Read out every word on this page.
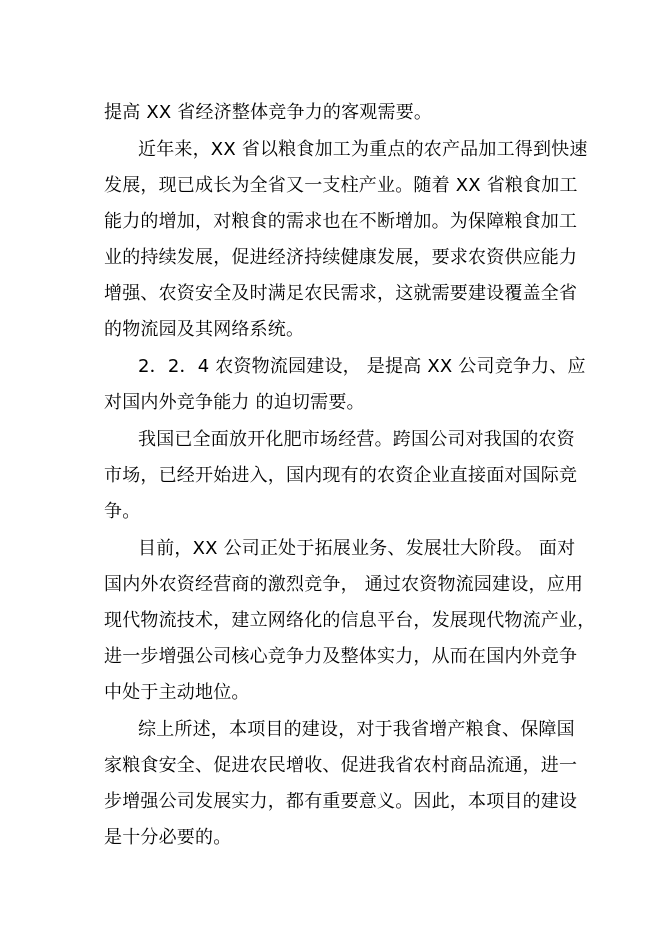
提高 XX 省经济整体竞争力的客观需要。
近年来，XX 省以粮食加工为重点的农产品加工得到快速
发展，现已成长为全省又一支柱产业。随着 XX 省粮食加工
能力的增加，对粮食的需求也在不断增加。为保障粮食加工
业的持续发展，促进经济持续健康发展，要求农资供应能力
增强、农资安全及时满足农民需求，这就需要建设覆盖全省
的物流园及其网络系统。
2．2．4 农资物流园建设， 是提高 XX 公司竞争力、应
对国内外竞争能力 的迫切需要。
我国已全面放开化肥市场经营。跨国公司对我国的农资
市场，已经开始进入，国内现有的农资企业直接面对国际竞
争。
目前，XX 公司正处于拓展业务、发展壮大阶段。 面对
国内外农资经营商的激烈竞争， 通过农资物流园建设，应用
现代物流技术，建立网络化的信息平台，发展现代物流产业，
进一步增强公司核心竞争力及整体实力，从而在国内外竞争
中处于主动地位。
综上所述，本项目的建设，对于我省增产粮食、保障国
家粮食安全、促进农民增收、促进我省农村商品流通，进一
步增强公司发展实力，都有重要意义。因此，本项目的建设
是十分必要的。
